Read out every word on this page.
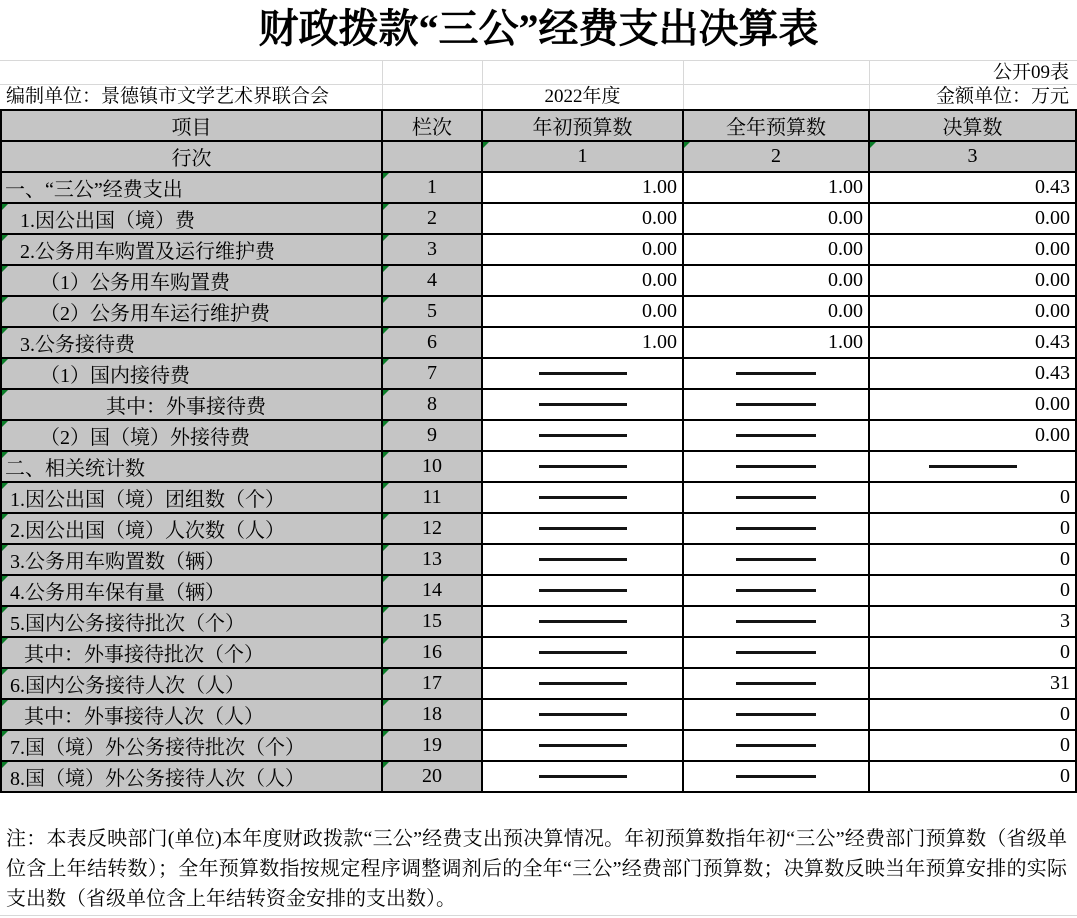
财政拨款“三公”经费支出决算表
公开09表
编制单位：景德镇市文学艺术界联合会	2022年度	金额单位：万元
项目	栏次	年初预算数	全年预算数	决算数
行次		1	2	3
一、“三公”经费支出	1	1.00	1.00	0.43

1.因公出国（境）费	2	0.00	0.00	0.00

2.公务用车购置及运行维护费	3	0.00	0.00	0.00

（1）公务用车购置费	4	0.00	0.00	0.00

（2）公务用车运行维护费	5	0.00	0.00	0.00

3.公务接待费	6	1.00	1.00	0.43

（1）国内接待费	7			0.43

其中：外事接待费	8			0.00

（2）国（境）外接待费	9			0.00

二、相关统计数	10	

1.因公出国（境）团组数（个）	11			0

2.因公出国（境）人次数（人）	12			0

3.公务用车购置数（辆）	13			0

4.公务用车保有量（辆）	14			0

5.国内公务接待批次（个）	15			3

其中：外事接待批次（个）	16			0

6.国内公务接待人次（人）	17			31

其中：外事接待人次（人）	18			0

7.国（境）外公务接待批次（个）	19			0

8.国（境）外公务接待人次（人）	20			0
注：本表反映部门(单位)本年度财政拨款“三公”经费支出预决算情况。年初预算数指年初“三公”经费部门预算数（省级单位含上年结转数）；全年预算数指按规定程序调整调剂后的全年“三公”经费部门预算数；决算数反映当年预算安排的实际支出数（省级单位含上年结转资金安排的支出数）。
